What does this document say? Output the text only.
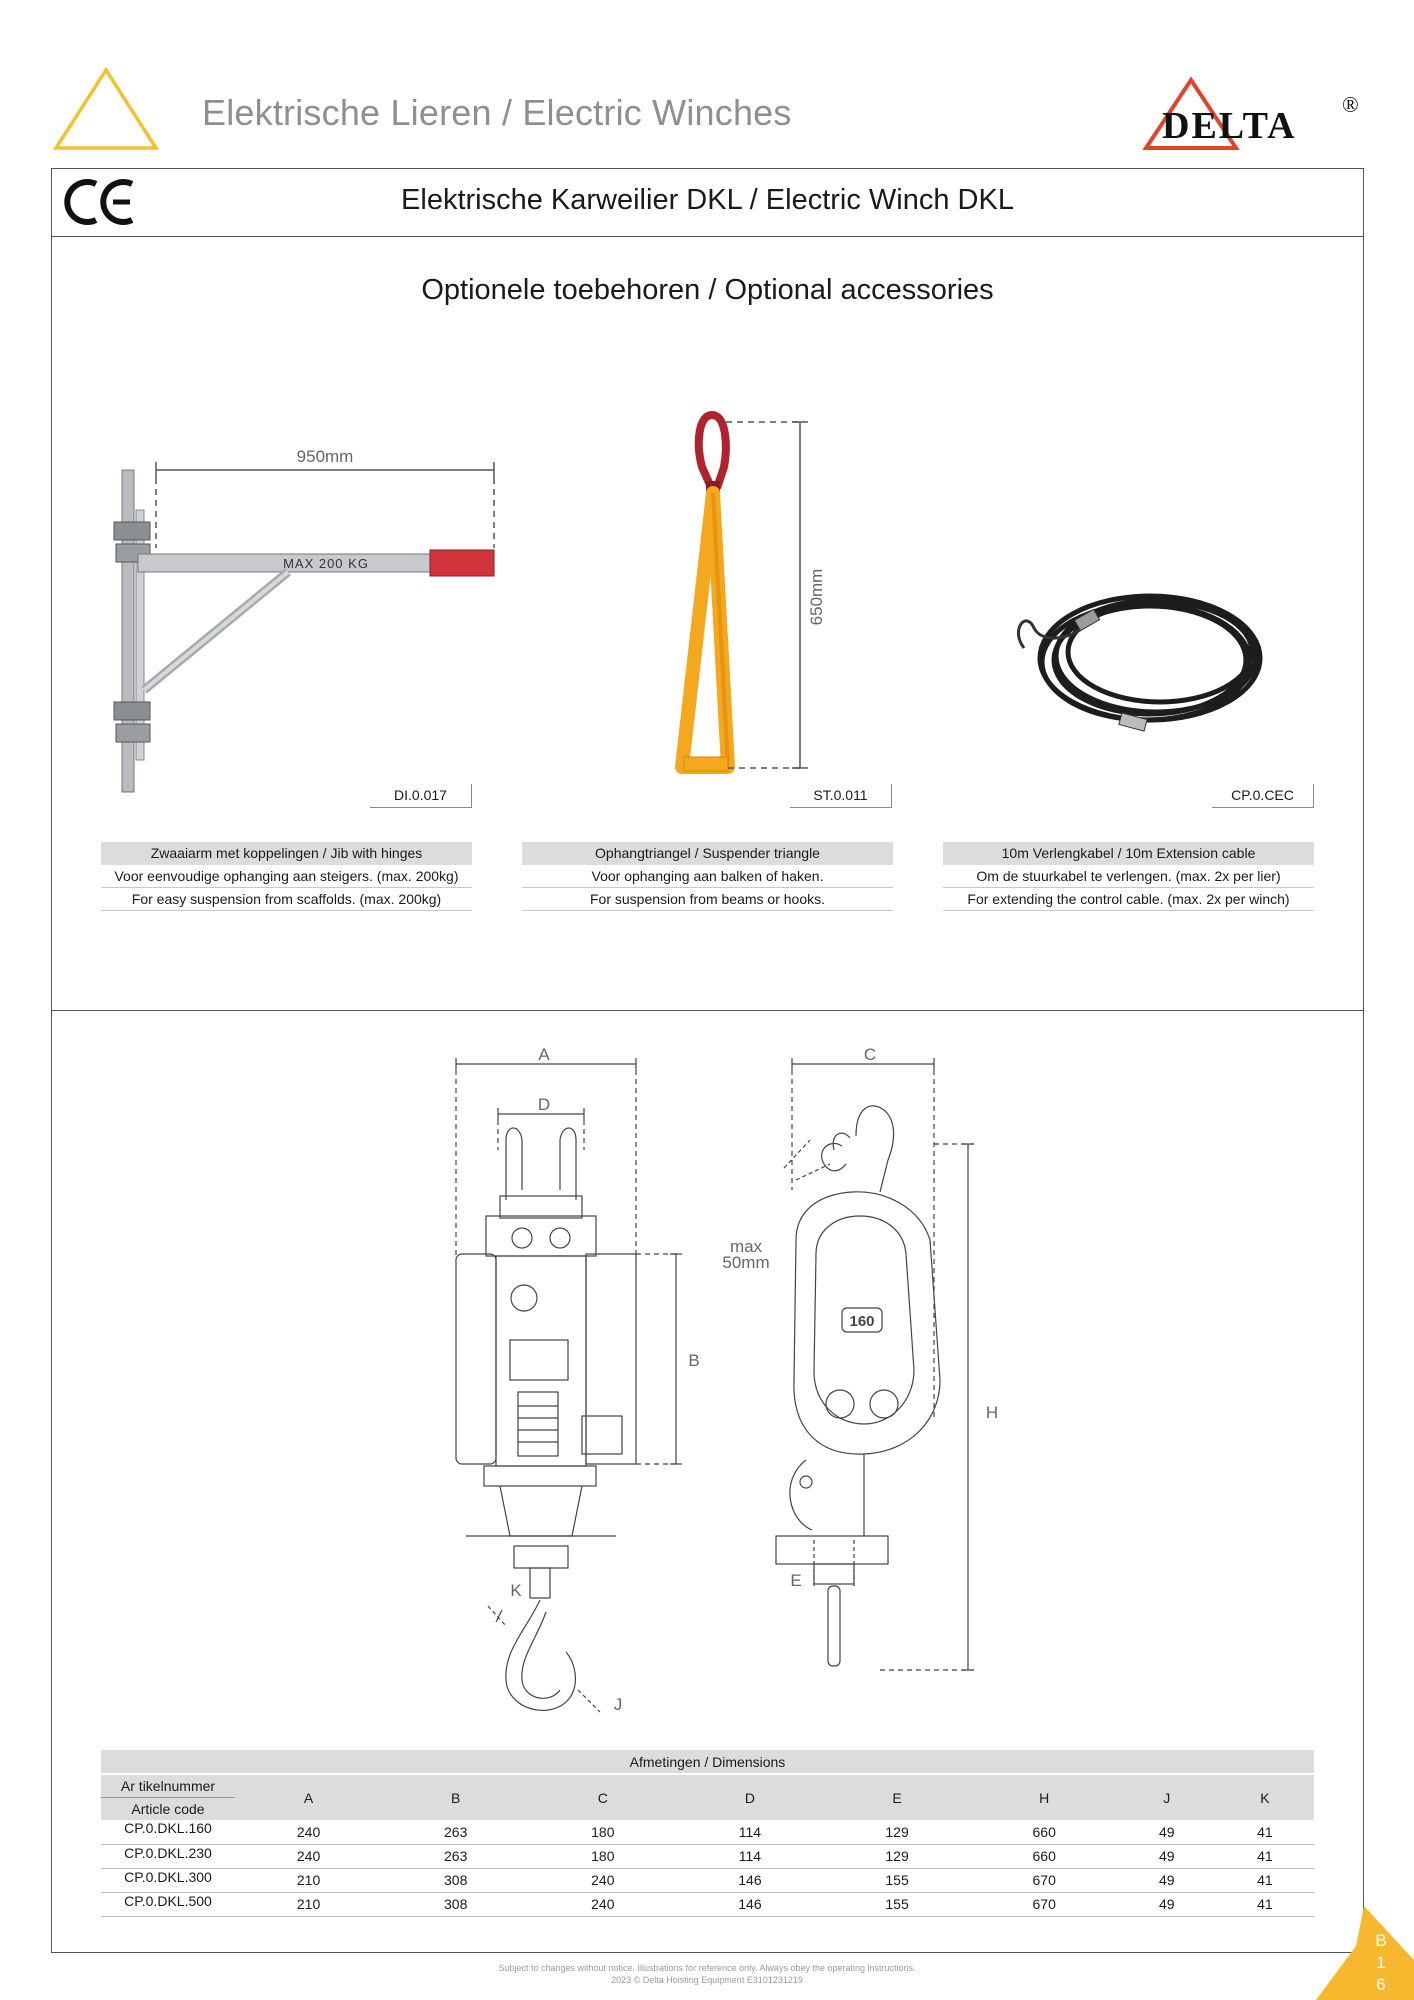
Elektrische Lieren / Electric Winches	DELTA
®
Elektrische Karweilier DKL / Electric Winch DKL
Optionele toebehoren / Optional accessories
950mm
MAX 200 KG
DI.0.017
650mm
ST.0.011	CP.0.CEC
Zwaaiarm met koppelingen / Jib with hinges
Voor eenvoudige ophanging aan steigers. (max. 200kg)
For easy suspension from scaffolds. (max. 200kg)
Ophangtriangel / Suspender triangle
Voor ophanging aan balken of haken.
For suspension from beams or hooks.
10m Verlengkabel / 10m Extension cable
Om de stuurkabel te verlengen. (max. 2x per lier)
For extending the control cable. (max. 2x per winch)
A
D
B
C
H
E
J
K
max
50mm
160
Afmetingen / Dimensions								
Ar tikelnummer	A	B	C	D	E	H	J	K
Article code								
CP.0.DKL.160	240	263	180	114	129	660	49	41
CP.0.DKL.230	240	263	180	114	129	660	49	41
CP.0.DKL.300	210	308	240	146	155	670	49	41
CP.0.DKL.500	210	308	240	146	155	670	49	41
Subject to changes without notice. Illustrations for reference only. Always obey the operating instructions.
2023 © Delta Hoisting Equipment E3101231219
B
1
